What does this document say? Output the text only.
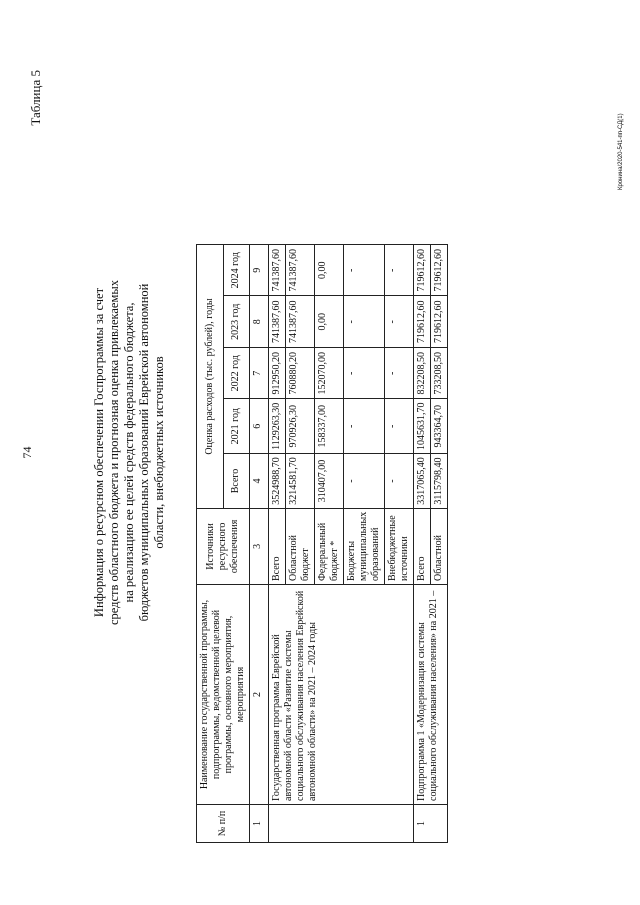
74
Таблица 5
Информация о ресурсном обеспечении Госпрограммы за счет средств областного бюджета и прогнозная оценка привлекаемых на реализацию ее целей средств федерального бюджета, бюджетов муниципальных образований Еврейской автономной области, внебюджетных источников
№ п/п	Наименование государственной программы, подпрограммы, ведомственной целевой программы, основного мероприятия, мероприятия	Источники ресурсного обеспечения	Оценка расходов (тыс. рублей), годы				
			Всего	2021 год	2022 год	2023 год	2024 год
1	2	3	4	6	7	8	9
	Государственная программа Еврейской автономной области «Развитие системы социального обслуживания населения Еврейской автономной области» на 2021 – 2024 годы	Всего	3524988,70	1129263,30	912950,20	741387,60	741387,60
		Областной бюджет	3214581,70	970926,30	760880,20	741387,60	741387,60
		Федеральный бюджет *	310407,00	158337,00	152070,00	0,00	0,00
		Бюджеты муниципальных образований	-	-	-	-	-
		Внебюджетные источники	-	-	-	-	-
1	Подпрограмма 1 «Модернизация системы социального обслуживания населения» на 2021 –	Всего	3317065,40	1045631,70	832208,50	719612,60	719612,60
		Областной	3115798,40	943364,70	733208,50	719612,60	719612,60
Кронина/2020-541-пп-СД(1)
